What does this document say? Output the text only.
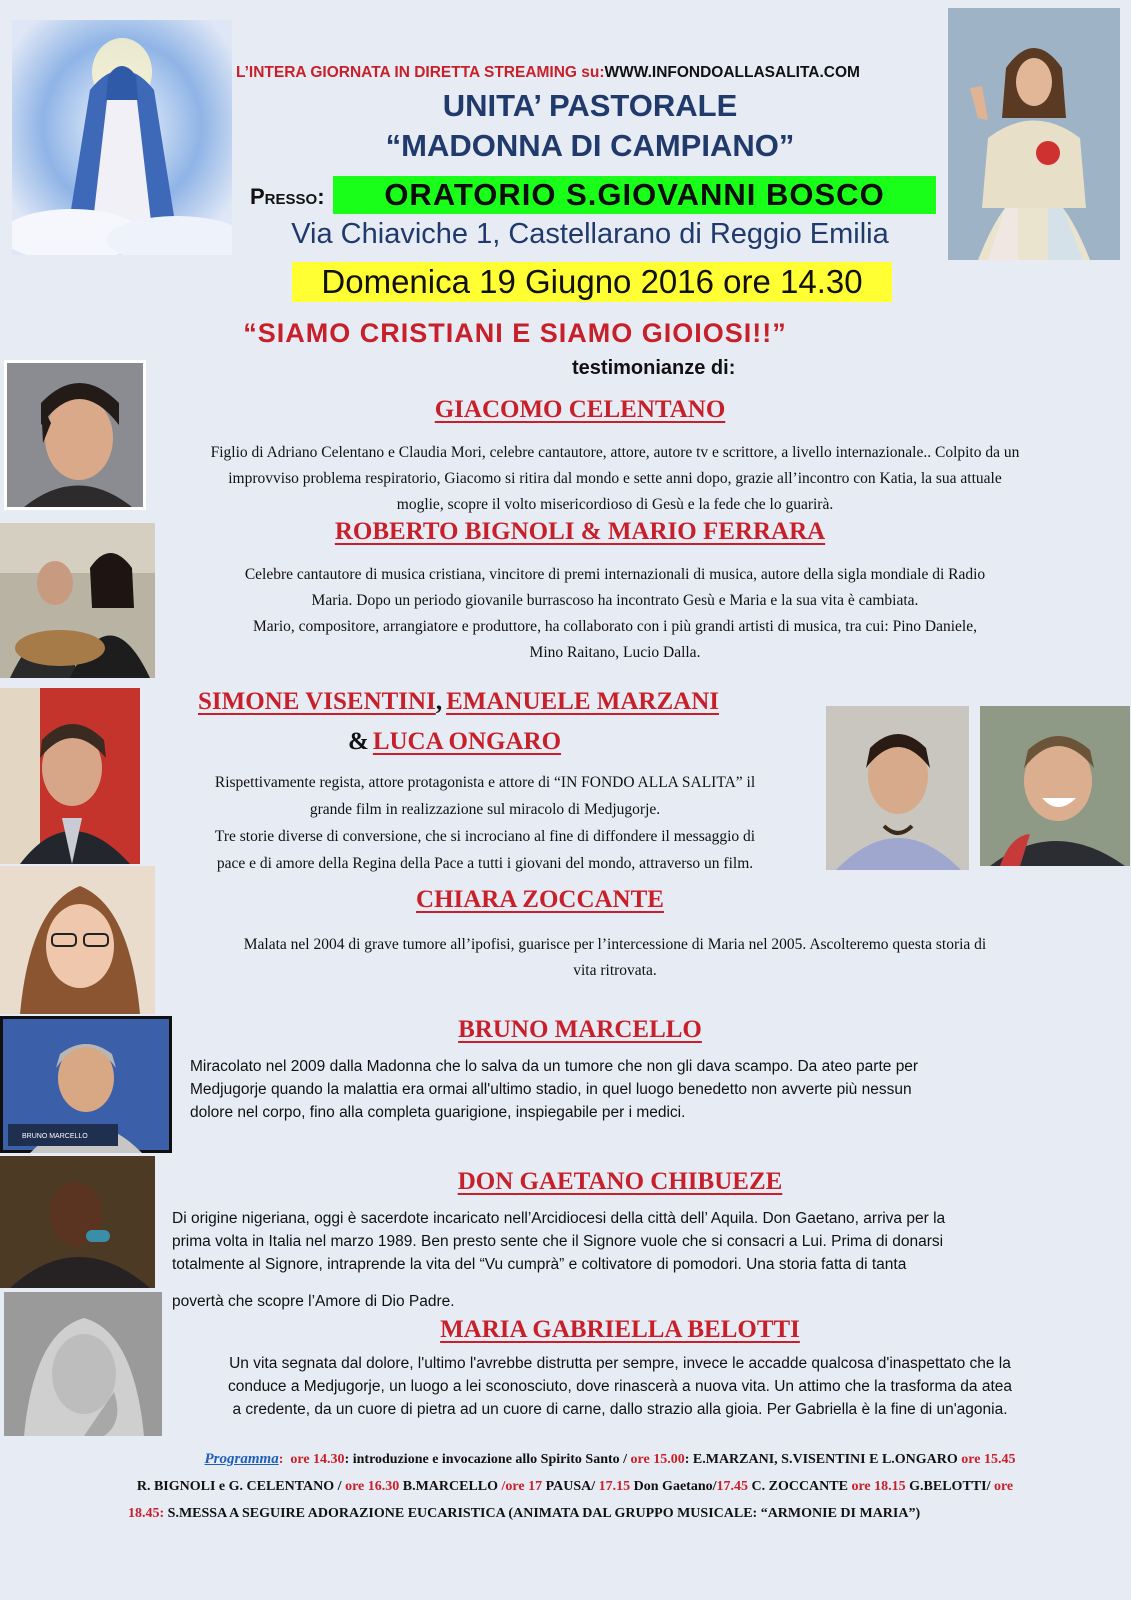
BRUNO MARCELLO
L’INTERA GIORNATA IN DIRETTA STREAMING su:WWW.INFONDOALLASALITA.COM
UNITA’ PASTORALE
“MADONNA DI CAMPIANO”
Presso:	ORATORIO S.GIOVANNI BOSCO
Via Chiaviche 1, Castellarano di Reggio Emilia
Domenica 19 Giugno 2016 ore 14.30
“SIAMO CRISTIANI E SIAMO GIOIOSI!!”
testimonianze di:
GIACOMO CELENTANO
Figlio di Adriano Celentano e Claudia Mori, celebre cantautore, attore, autore tv e scrittore, a livello internazionale.. Colpito da un
improvviso problema respiratorio, Giacomo si ritira dal mondo e sette anni dopo, grazie all’incontro con Katia, la sua attuale
moglie, scopre il volto misericordioso di Gesù e la fede che lo guarirà.
ROBERTO BIGNOLI & MARIO FERRARA
Celebre cantautore di musica cristiana, vincitore di premi internazionali di musica, autore della sigla mondiale di Radio
Maria. Dopo un periodo giovanile burrascoso ha incontrato Gesù e Maria e la sua vita è cambiata.
Mario, compositore, arrangiatore e produttore, ha collaborato con i più grandi artisti di musica, tra cui: Pino Daniele,
Mino Raitano, Lucio Dalla.
SIMONE VISENTINI, EMANUELE MARZANI
& LUCA ONGARO
Rispettivamente regista, attore protagonista e attore di “IN FONDO ALLA SALITA” il
grande film in realizzazione sul miracolo di Medjugorje.
Tre storie diverse di conversione, che si incrociano al fine di diffondere il messaggio di
pace e di amore della Regina della Pace a tutti i giovani del mondo, attraverso un film.
CHIARA ZOCCANTE
Malata nel 2004 di grave tumore all’ipofisi, guarisce per l’intercessione di Maria nel 2005. Ascolteremo questa storia di
vita ritrovata.
BRUNO MARCELLO
Miracolato nel 2009 dalla Madonna che lo salva da un tumore che non gli dava scampo. Da ateo parte per
Medjugorje quando la malattia era ormai all'ultimo stadio, in quel luogo benedetto non avverte più nessun
dolore nel corpo, fino alla completa guarigione, inspiegabile per i medici.
DON GAETANO CHIBUEZE
Di origine nigeriana, oggi è sacerdote incaricato nell’Arcidiocesi della città dell’ Aquila. Don Gaetano, arriva per la
prima volta in Italia nel marzo 1989. Ben presto sente che il Signore vuole che si consacri a Lui. Prima di donarsi
totalmente al Signore, intraprende la vita del “Vu cumprà” e coltivatore di pomodori. Una storia fatta di tanta
povertà che scopre l’Amore di Dio Padre.
MARIA GABRIELLA BELOTTI
Un vita segnata dal dolore, l'ultimo l'avrebbe distrutta per sempre, invece le accadde qualcosa d'inaspettato che la
conduce a Medjugorje, un luogo a lei sconosciuto, dove rinascerà a nuova vita. Un attimo che la trasforma da atea
a credente, da un cuore di pietra ad un cuore di carne, dallo strazio alla gioia. Per Gabriella è la fine di un'agonia.
Programma: ore 14.30: introduzione e invocazione allo Spirito Santo / ore 15.00: E.MARZANI, S.VISENTINI E L.ONGARO ore 15.45
R. BIGNOLI e G. CELENTANO / ore 16.30 B.MARCELLO /ore 17 PAUSA/ 17.15 Don Gaetano/17.45 C. ZOCCANTE ore 18.15 G.BELOTTI/ ore
18.45: S.MESSA A SEGUIRE ADORAZIONE EUCARISTICA (ANIMATA DAL GRUPPO MUSICALE: “ARMONIE DI MARIA”)
